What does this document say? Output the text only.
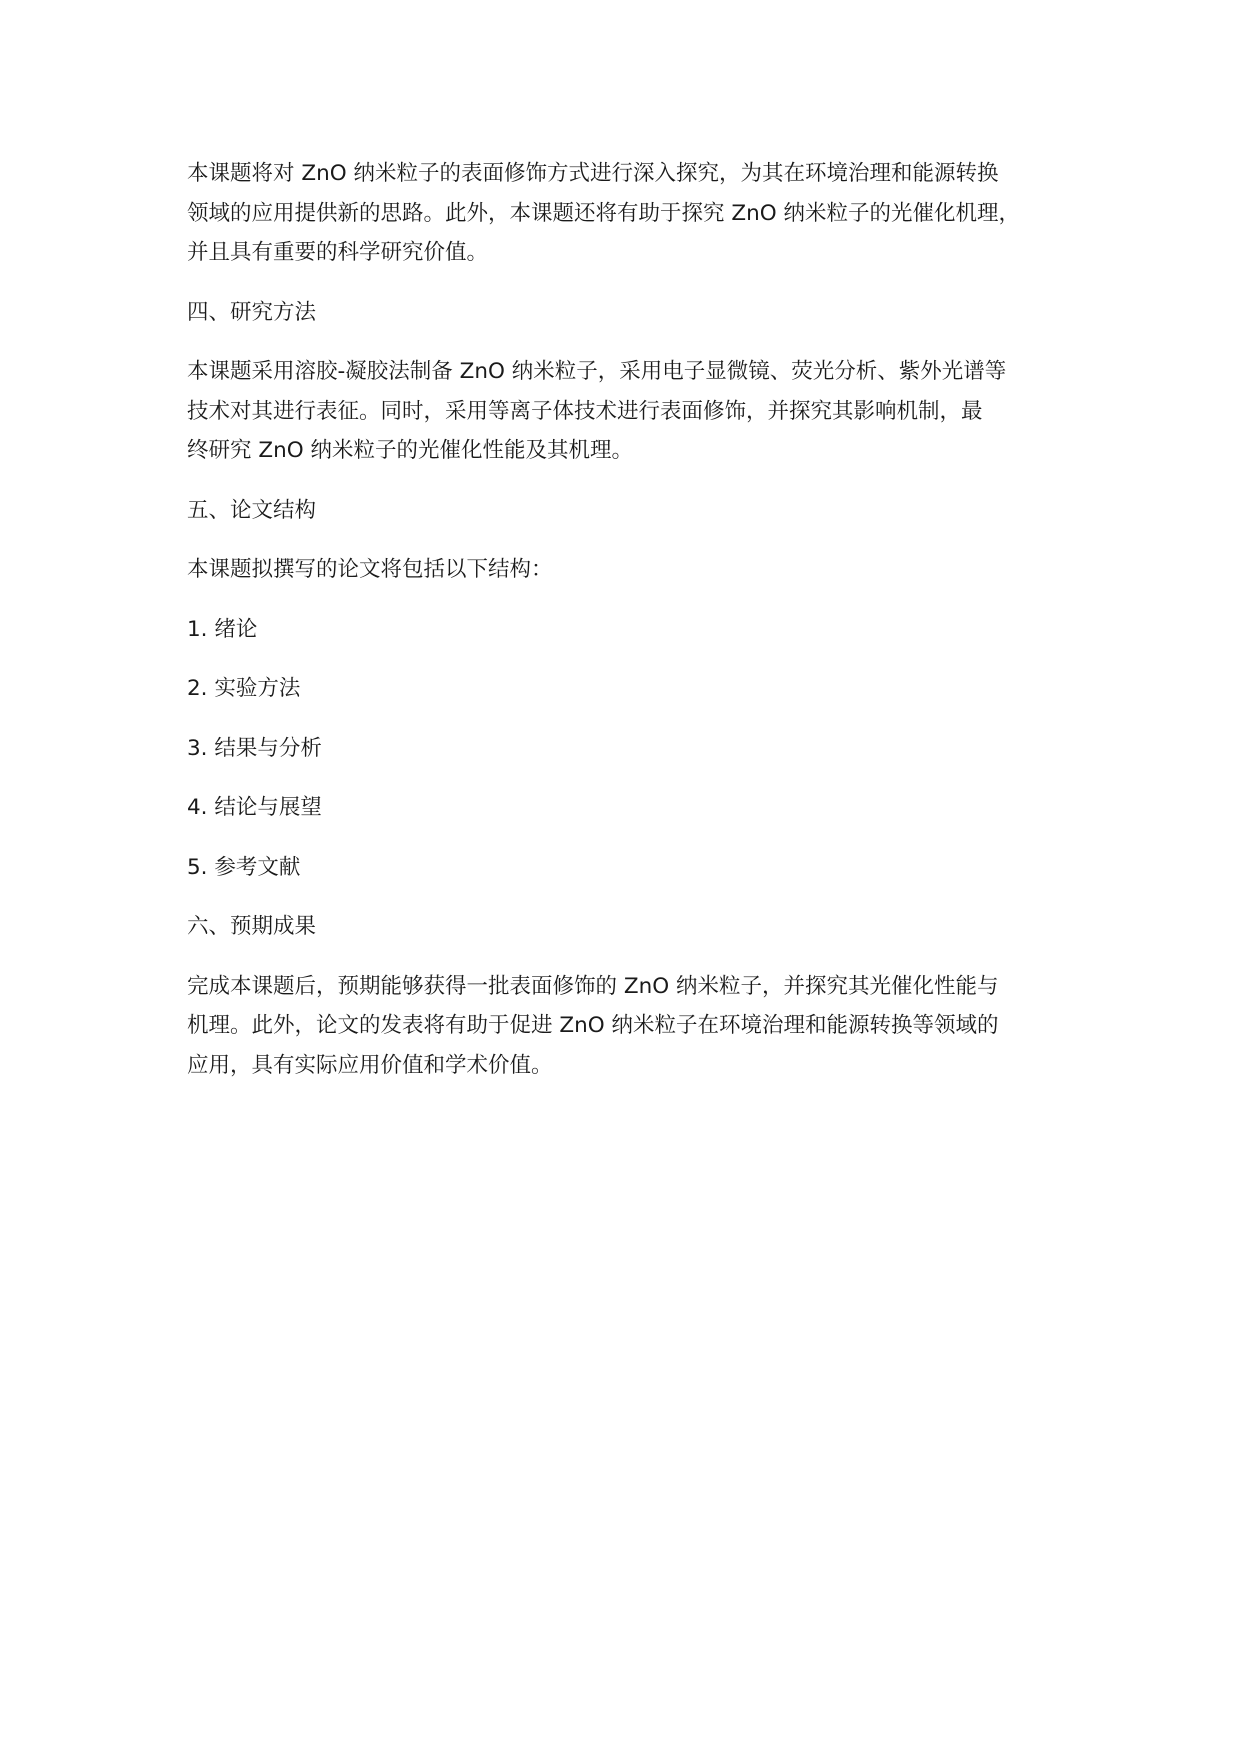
本课题将对 ZnO 纳米粒子的表面修饰方式进行深入探究，为其在环境治理和能源转换
领域的应用提供新的思路。此外，本课题还将有助于探究 ZnO 纳米粒子的光催化机理，
并且具有重要的科学研究价值。

四、研究方法

本课题采用溶胶-凝胶法制备 ZnO 纳米粒子，采用电子显微镜、荧光分析、紫外光谱等
技术对其进行表征。同时，采用等离子体技术进行表面修饰，并探究其影响机制，最
终研究 ZnO 纳米粒子的光催化性能及其机理。

五、论文结构

本课题拟撰写的论文将包括以下结构：

1. 绪论
2. 实验方法
3. 结果与分析
4. 结论与展望
5. 参考文献
六、预期成果

完成本课题后，预期能够获得一批表面修饰的 ZnO 纳米粒子，并探究其光催化性能与
机理。此外，论文的发表将有助于促进 ZnO 纳米粒子在环境治理和能源转换等领域的
应用，具有实际应用价值和学术价值。
